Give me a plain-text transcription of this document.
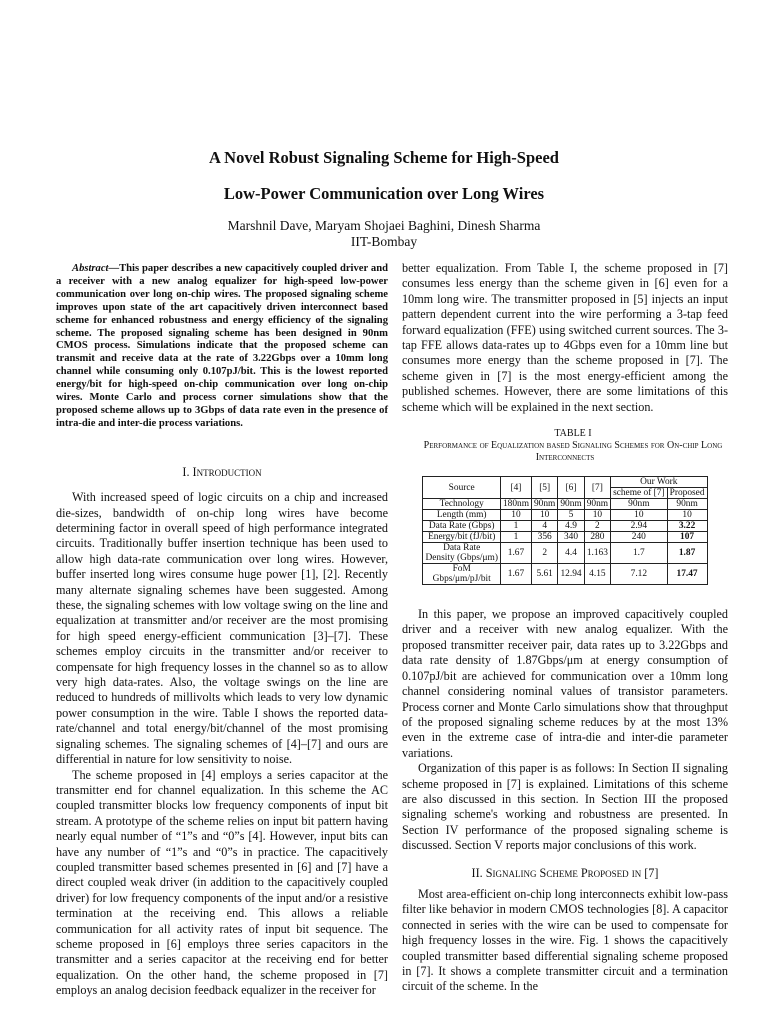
A Novel Robust Signaling Scheme for High-Speed
Low-Power Communication over Long Wires
Marshnil Dave, Maryam Shojaei Baghini, Dinesh Sharma
IIT-Bombay

Abstract—This paper describes a new capacitively coupled driver and a receiver with a new analog equalizer for high-speed low-power communication over long on-chip wires. The proposed signaling scheme improves upon state of the art capacitively driven interconnect based scheme for enhanced robustness and energy efficiency of the signaling scheme. The proposed signaling scheme has been designed in 90nm CMOS process. Simulations indicate that the proposed scheme can transmit and receive data at the rate of 3.22Gbps over a 10mm long channel while consuming only 0.107pJ/bit. This is the lowest reported energy/bit for high-speed on-chip communication over long on-chip wires. Monte Carlo and process corner simulations show that the proposed scheme allows up to 3Gbps of data rate even in the presence of intra-die and inter-die process variations.

I. Introduction

With increased speed of logic circuits on a chip and increased die-sizes, bandwidth of on-chip long wires have become determining factor in overall speed of high performance integrated circuits. Traditionally buffer insertion technique has been used to allow high data-rate communication over long wires. However, buffer inserted long wires consume huge power [1], [2]. Recently many alternate signaling schemes have been suggested. Among these, the signaling schemes with low voltage swing on the line and equalization at transmitter and/or receiver are the most promising for high speed energy-efficient communication [3]–[7]. These schemes employ circuits in the transmitter and/or receiver to compensate for high frequency losses in the channel so as to allow very high data-rates. Also, the voltage swings on the line are reduced to hundreds of millivolts which leads to very low dynamic power consumption in the wire. Table I shows the reported data-rate/channel and total energy/bit/channel of the most promising signaling schemes. The signaling schemes of [4]–[7] and ours are differential in nature for low sensitivity to noise.

The scheme proposed in [4] employs a series capacitor at the transmitter end for channel equalization. In this scheme the AC coupled transmitter blocks low frequency components of input bit stream. A prototype of the scheme relies on input bit pattern having nearly equal number of “1”s and “0”s [4]. However, input bits can have any number of “1”s and “0”s in practice. The capacitively coupled transmitter based schemes presented in [6] and [7] have a direct coupled weak driver (in addition to the capacitively coupled driver) for low frequency components of the input and/or a resistive termination at the receiving end. This allows a reliable communication for all activity rates of input bit sequence. The scheme proposed in [6] employs three series capacitors in the transmitter and a series capacitor at the receiving end for better equalization. On the other hand, the scheme proposed in [7] employs an analog decision feedback equalizer in the receiver for

better equalization. From Table I, the scheme proposed in [7] consumes less energy than the scheme given in [6] even for a 10mm long wire. The transmitter proposed in [5] injects an input pattern dependent current into the wire performing a 3-tap feed forward equalization (FFE) using switched current sources. The 3-tap FFE allows data-rates up to 4Gbps even for a 10mm line but consumes more energy than the scheme proposed in [7]. The scheme given in [7] is the most energy-efficient among the published schemes. However, there are some limitations of this scheme which will be explained in the next section.

TABLE I

Performance of Equalization based Signaling Schemes for On-chip Long Interconnects

Source	[4]	[5]	[6]	[7]	Our Work	
					scheme of [7]	Proposed
Technology	180nm	90nm	90nm	90nm	90nm	90nm
Length (mm)	10	10	5	10	10	10
Data Rate (Gbps)	1	4	4.9	2	2.94	3.22
Energy/bit (fJ/bit)	1	356	340	280	240	107
Data Rate
Density (Gbps/μm)	1.67	2	4.4	1.163	1.7	1.87
FoM
Gbps/μm/pJ/bit	1.67	5.61	12.94	4.15	7.12	17.47

In this paper, we propose an improved capacitively coupled driver and a receiver with new analog equalizer. With the proposed transmitter receiver pair, data rates up to 3.22Gbps and data rate density of 1.87Gbps/μm at energy consumption of 0.107pJ/bit are achieved for communication over a 10mm long channel considering nominal values of transistor parameters. Process corner and Monte Carlo simulations show that throughput of the proposed signaling scheme reduces by at the most 13% even in the extreme case of intra-die and inter-die parameter variations.

Organization of this paper is as follows: In Section II signaling scheme proposed in [7] is explained. Limitations of this scheme are also discussed in this section. In Section III the proposed signaling scheme's working and robustness are presented. In Section IV performance of the proposed signaling scheme is discussed. Section V reports major conclusions of this work.

II. Signaling Scheme Proposed in [7]

Most area-efficient on-chip long interconnects exhibit low-pass filter like behavior in modern CMOS technologies [8]. A capacitor connected in series with the wire can be used to compensate for high frequency losses in the wire. Fig. 1 shows the capacitively coupled transmitter based differential signaling scheme proposed in [7]. It shows a complete transmitter circuit and a termination circuit of the scheme. In the
